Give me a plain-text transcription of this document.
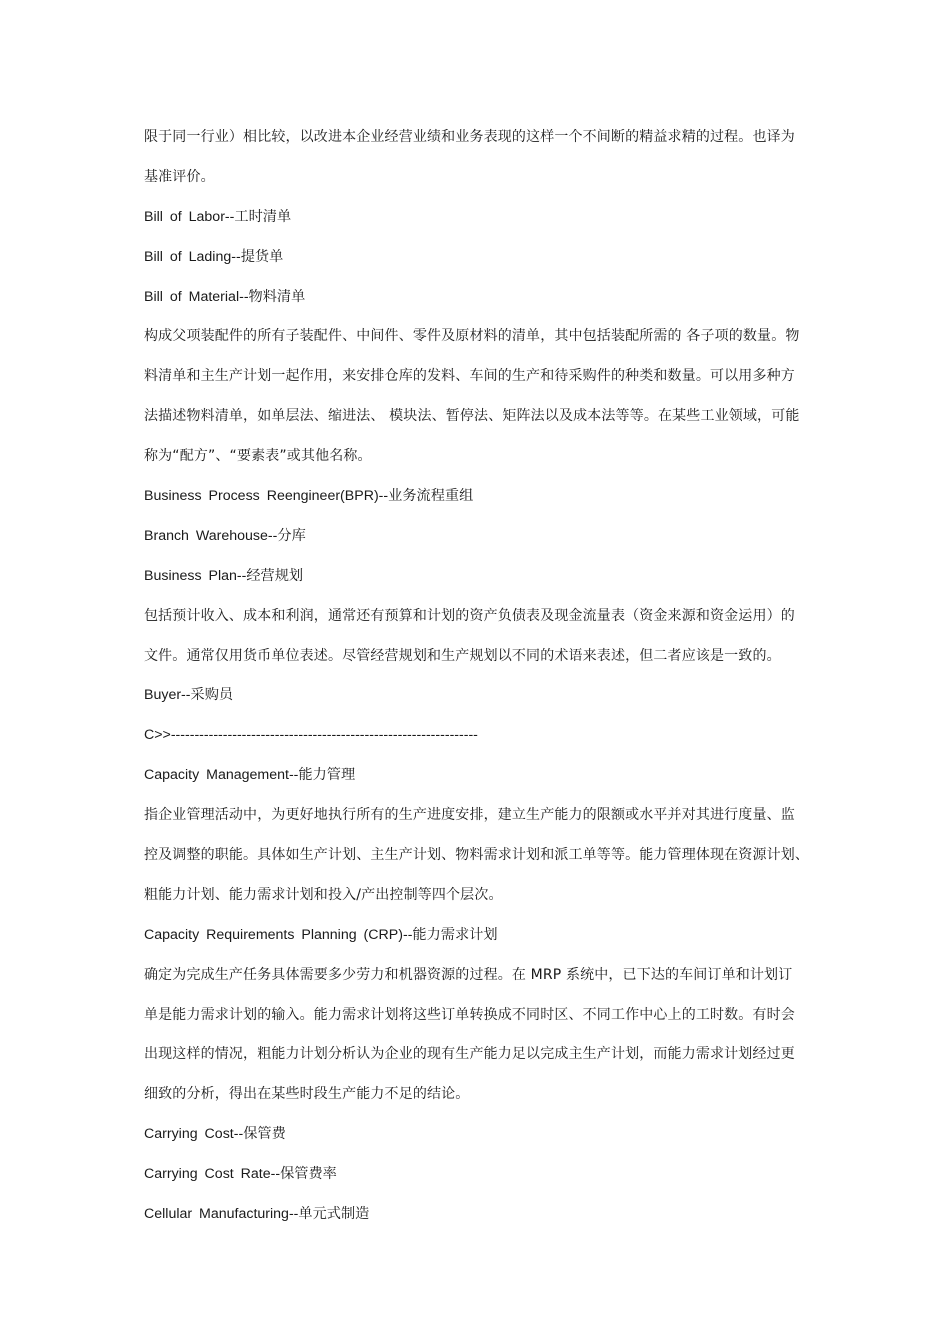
限于同一行业）相比较，以改进本企业经营业绩和业务表现的这样一个不间断的精益求精的过程。也译为
基准评价。
Bill of Labor--工时清单
Bill of Lading--提货单
Bill of Material--物料清单
构成父项装配件的所有子装配件、中间件、零件及原材料的清单，其中包括装配所需的 各子项的数量。物
料清单和主生产计划一起作用，来安排仓库的发料、车间的生产和待采购件的种类和数量。可以用多种方
法描述物料清单，如单层法、缩进法、 模块法、暂停法、矩阵法以及成本法等等。在某些工业领域，可能
称为“配方”、“要素表”或其他名称。
Business Process Reengineer(BPR)--业务流程重组
Branch Warehouse--分库
Business Plan--经营规划
包括预计收入、成本和利润，通常还有预算和计划的资产负债表及现金流量表（资金来源和资金运用）的
文件。通常仅用货币单位表述。尽管经营规划和生产规划以不同的术语来表述，但二者应该是一致的。
Buyer--采购员
C>>-----------------------------------------------------------------
Capacity Management--能力管理
指企业管理活动中，为更好地执行所有的生产进度安排，建立生产能力的限额或水平并对其进行度量、监
控及调整的职能。具体如生产计划、主生产计划、物料需求计划和派工单等等。能力管理体现在资源计划、
粗能力计划、能力需求计划和投入/产出控制等四个层次。
Capacity Requirements Planning (CRP)--能力需求计划
确定为完成生产任务具体需要多少劳力和机器资源的过程。在 MRP 系统中，已下达的车间订单和计划订
单是能力需求计划的输入。能力需求计划将这些订单转换成不同时区、不同工作中心上的工时数。有时会
出现这样的情况，粗能力计划分析认为企业的现有生产能力足以完成主生产计划，而能力需求计划经过更
细致的分析，得出在某些时段生产能力不足的结论。
Carrying Cost--保管费
Carrying Cost Rate--保管费率
Cellular Manufacturing--单元式制造
